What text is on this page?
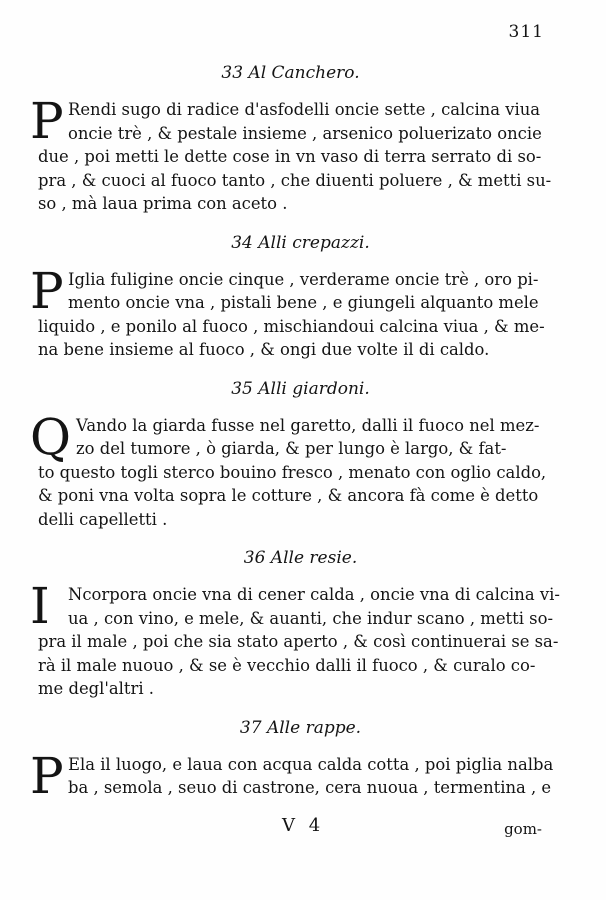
311
33 Al Canchero.
P Rendi sugo di radice d'asfodelli oncie sette , calcina viua
oncie trè , & pestale insieme , arsenico poluerizato oncie
due , poi metti le dette cose in vn vaso di terra serrato di so-
pra , & cuoci al fuoco tanto , che diuenti poluere , & metti su-
so , mà laua prima con aceto .
34 Alli crepazzi.
P Iglia fuligine oncie cinque , verderame oncie trè , oro pi-
mento oncie vna , pistali bene , e giungeli alquanto mele
liquido , e ponilo al fuoco , mischiandoui calcina viua , & me-
na bene insieme al fuoco , & ongi due volte il di caldo.
35 Alli giardoni.
Q Vando la giarda fusse nel garetto, dalli il fuoco nel mez-
zo del tumore , ò giarda, & per lungo è largo, & fat-
to questo togli sterco bouino fresco , menato con oglio caldo,
& poni vna volta sopra le cotture , & ancora fà come è detto
delli capelletti .
36 Alle resie.
I	Ncorpora oncie vna di cener calda , oncie vna di calcina vi-
ua , con vino, e mele, & auanti, che indur scano , metti so-
pra il male , poi che sia stato aperto , & così continuerai se sa-
rà il male nuouo , & se è vecchio dalli il fuoco , & curalo co-
me degl'altri .
37 Alle rappe.
P Ela il luogo, e laua con acqua calda cotta , poi piglia nalba
ba , semola , seuo di castrone, cera nuoua , termentina , e
V 4	gom-
